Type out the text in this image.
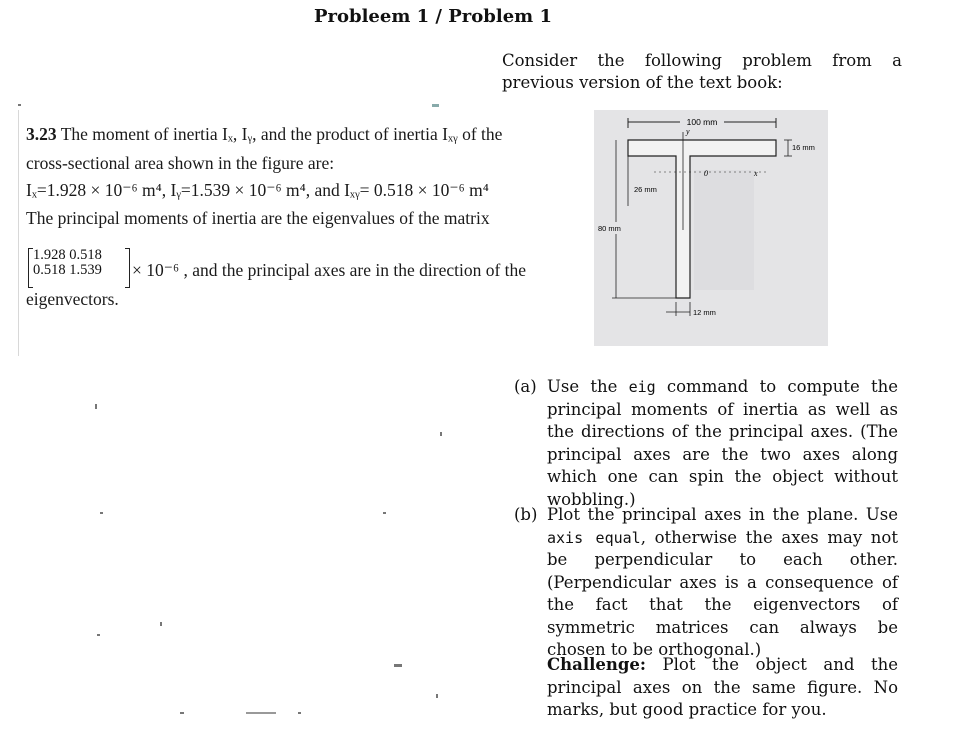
Probleem 1 / Problem 1
Consider the following problem from a previous version of the text book:
3.23 The moment of inertia Iₓ, Iᵧ, and the product of inertia Iₓᵧ of the
cross-sectional area shown in the figure are:
Iₓ=1.928 × 10⁻⁶ m⁴, Iᵧ=1.539 × 10⁻⁶ m⁴, and Iₓᵧ= 0.518 × 10⁻⁶ m⁴
The principal moments of inertia are the eigenvalues of the matrix
1.928 0.518
0.518 1.539	× 10⁻⁶ , and the principal axes are in the direction of the
eigenvectors.
100 mm
y
x
0
16 mm
26 mm
80 mm
12 mm
(a) Use the eig command to compute the principal moments of inertia as well as the directions of the principal axes. (The principal axes are the two axes along which one can spin the object without wobbling.)
(b) Plot the principal axes in the plane. Use axis equal, otherwise the axes may not be perpendicular to each other. (Perpendicular axes is a consequence of the fact that the eigenvectors of symmetric matrices can always be chosen to be orthogonal.)
Challenge: Plot the object and the principal axes on the same figure. No marks, but good practice for you.
